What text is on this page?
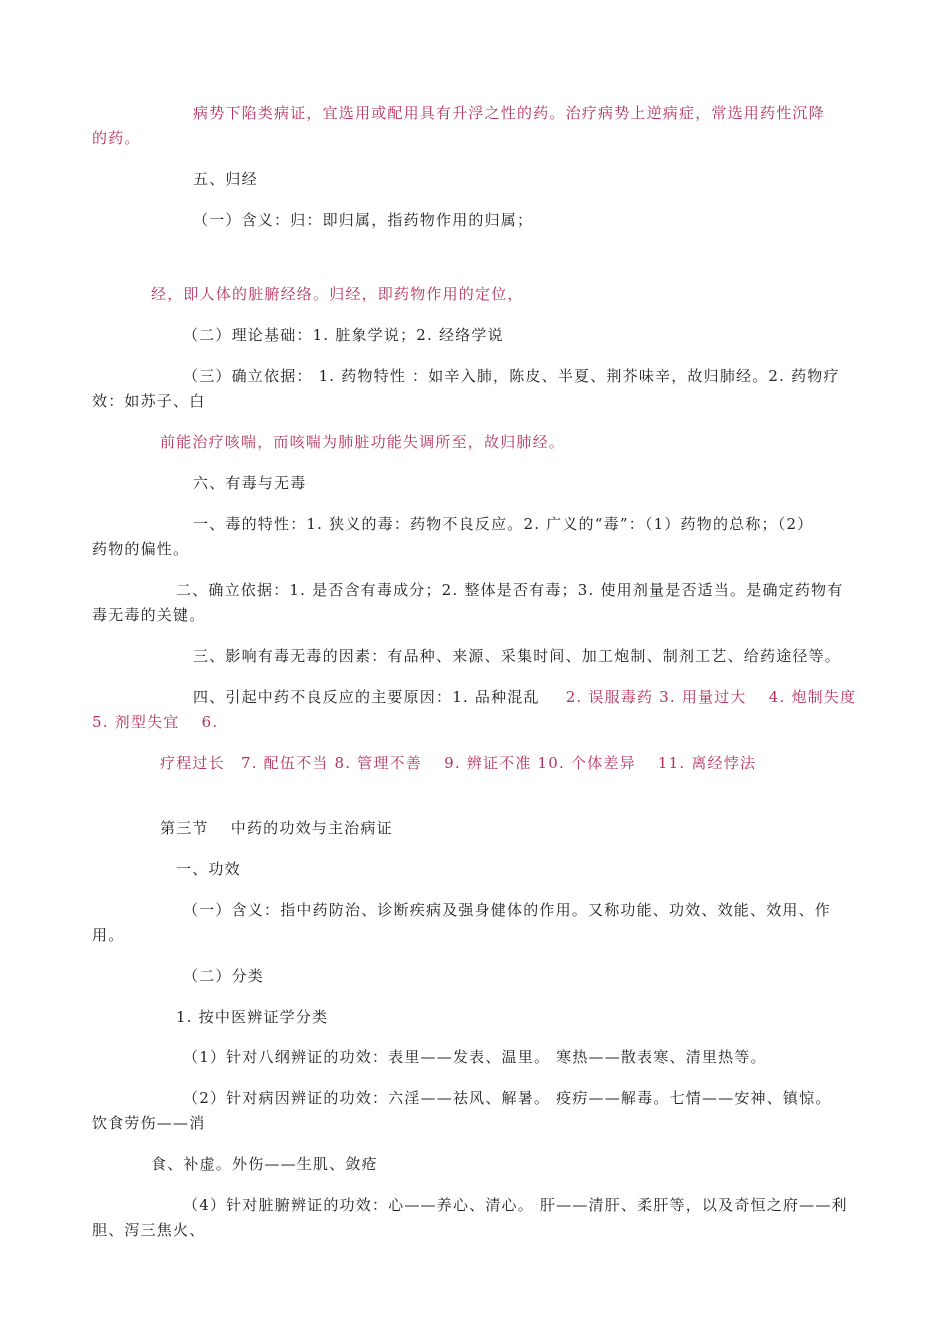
病势下陷类病证，宜选用或配用具有升浮之性的药。治疗病势上逆病症，常选用药性沉降
的药。
五、归经
（一）含义：归：即归属，指药物作用的归属；
经，即人体的脏腑经络。归经，即药物作用的定位，
（二）理论基础：1. 脏象学说；2. 经络学说
（三）确立依据： 1. 药物特性 ：如辛入肺，陈皮、半夏、荆芥味辛，故归肺经。2. 药物疗
效：如苏子、白
前能治疗咳喘，而咳喘为肺脏功能失调所至，故归肺经。
六、有毒与无毒
一、毒的特性：1. 狭义的毒：药物不良反应。2. 广义的“毒”：（1）药物的总称；（2）
药物的偏性。
二、确立依据：1. 是否含有毒成分；2. 整体是否有毒；3. 使用剂量是否适当。是确定药物有
毒无毒的关键。
三、影响有毒无毒的因素：有品种、来源、采集时间、加工炮制、制剂工艺、给药途径等。
四、引起中药不良反应的主要原因：1. 品种混乱 2. 误服毒药 3. 用量过大　 4. 炮制失度
5. 剂型失宜　 6.
疗程过长　7. 配伍不当 8. 管理不善　 9. 辨证不准 10. 个体差异　 11. 离经悖法
第三节　 中药的功效与主治病证
一、功效
（一）含义：指中药防治、诊断疾病及强身健体的作用。又称功能、功效、效能、效用、作
用。
（二）分类
1. 按中医辨证学分类
（1）针对八纲辨证的功效：表里——发表、温里。 寒热——散表寒、清里热等。
（2）针对病因辨证的功效：六淫——祛风、解暑。 疫疠——解毒。七情——安神、镇惊。
饮食劳伤——消
食、补虚。外伤——生肌、敛疮
（4）针对脏腑辨证的功效：心——养心、清心。 肝——清肝、柔肝等，以及奇恒之府——利
胆、泻三焦火、
